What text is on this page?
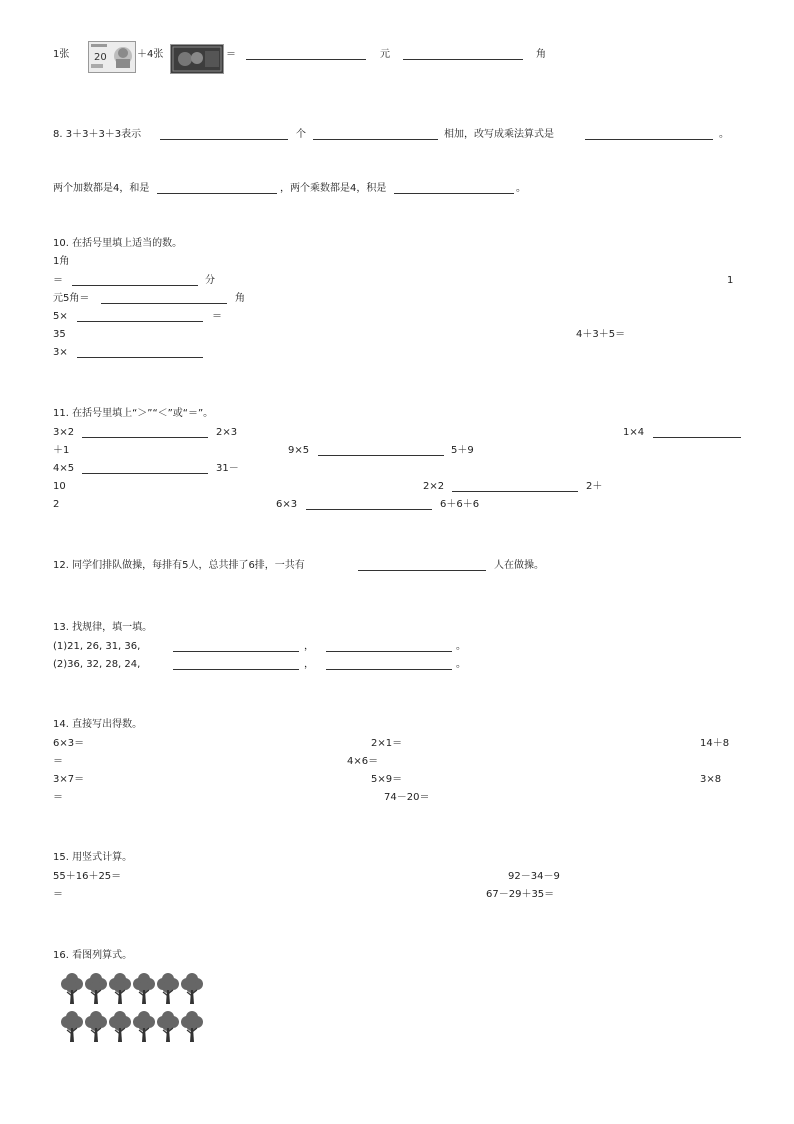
1张 20	＋4张	＝	元	角
8. 3＋3＋3＋3表示	个	相加，改写成乘法算式是	。
两个加数都是4，和是	，两个乘数都是4，积是	。
10. 在括号里填上适当的数。
1角
＝	分	1
元5角＝	角
5×	＝
35	4＋3＋5＝
3×
11. 在括号里填上“＞”“＜”或“＝”。
3×2	2×3	1×4
＋1	9×5	5＋9
4×5	31－
10	2×2	2＋
2	6×3	6＋6＋6
12. 同学们排队做操，每排有5人，总共排了6排，一共有	人在做操。
13. 找规律，填一填。
(1)21, 26, 31, 36,	，	。
(2)36, 32, 28, 24,	，	。
14. 直接写出得数。
6×3＝	2×1＝	14＋8
＝	4×6＝
3×7＝	5×9＝	3×8
＝	74－20＝
15. 用竖式计算。
55＋16＋25＝	92－34－9
＝	67－29＋35＝
16. 看图列算式。
